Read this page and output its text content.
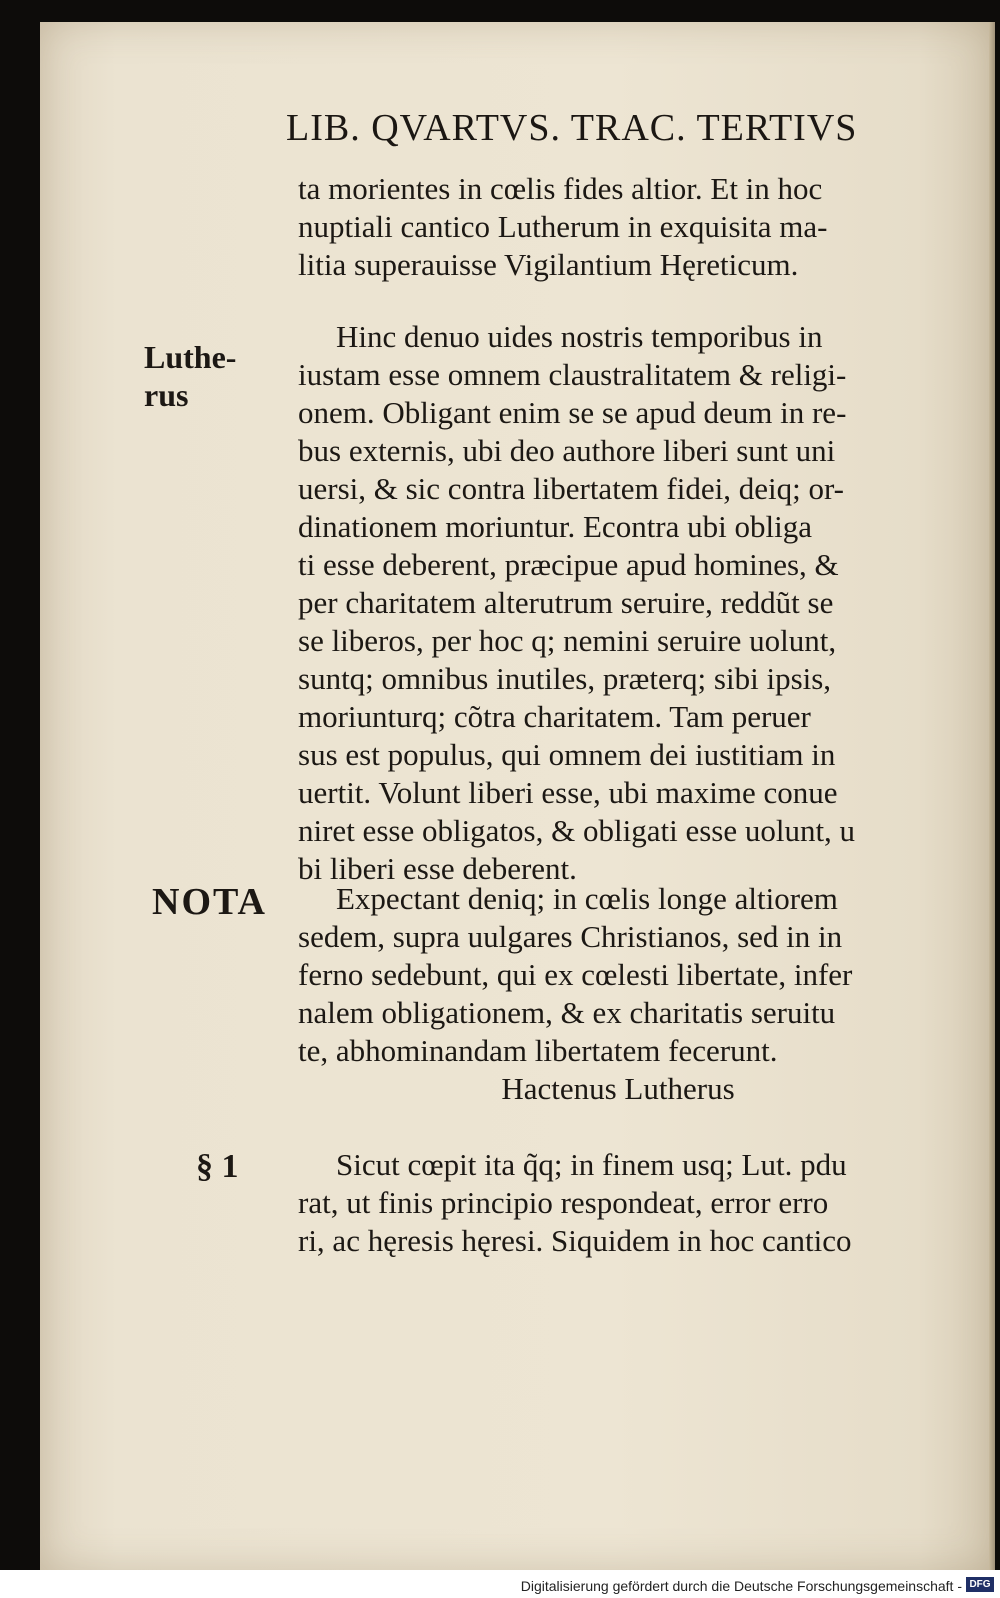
LIB. QVARTVS. TRAC. TERTIVS
ta morientes in cœlis fides altior. Et in hoc
nuptiali cantico Lutherum in exquisita ma-
litia superauisse Vigilantium Hęreticum.
Luthe-
rus
Hinc denuo uides nostris temporibus in
iustam esse omnem claustralitatem & religi-
onem. Obligant enim se se apud deum in re-
bus externis, ubi deo authore liberi sunt uni
uersi, & sic contra libertatem fidei, deiq; or-
dinationem moriuntur. Econtra ubi obliga
ti esse deberent, præcipue apud homines, &
per charitatem alterutrum seruire, reddũt se
se liberos, per hoc q; nemini seruire uolunt,
suntq; omnibus inutiles, præterq; sibi ipsis,
moriunturq; cõtra charitatem. Tam peruer
sus est populus, qui omnem dei iustitiam in
uertit. Volunt liberi esse, ubi maxime conue
niret esse obligatos, & obligati esse uolunt, u
bi liberi esse deberent.
NOTA	Expectant deniq; in cœlis longe altiorem
sedem, supra uulgares Christianos, sed in in
ferno sedebunt, qui ex cœlesti libertate, infer
nalem obligationem, & ex charitatis seruitu
te, abhominandam libertatem fecerunt.
Hactenus Lutherus
§ 1	Sicut cœpit ita q̃q; in finem usq; Lut. pdu
rat, ut finis principio respondeat, error erro
ri, ac hęresis hęresi. Siquidem in hoc cantico
Digitalisierung gefördert durch die Deutsche Forschungsgemeinschaft - DFG
